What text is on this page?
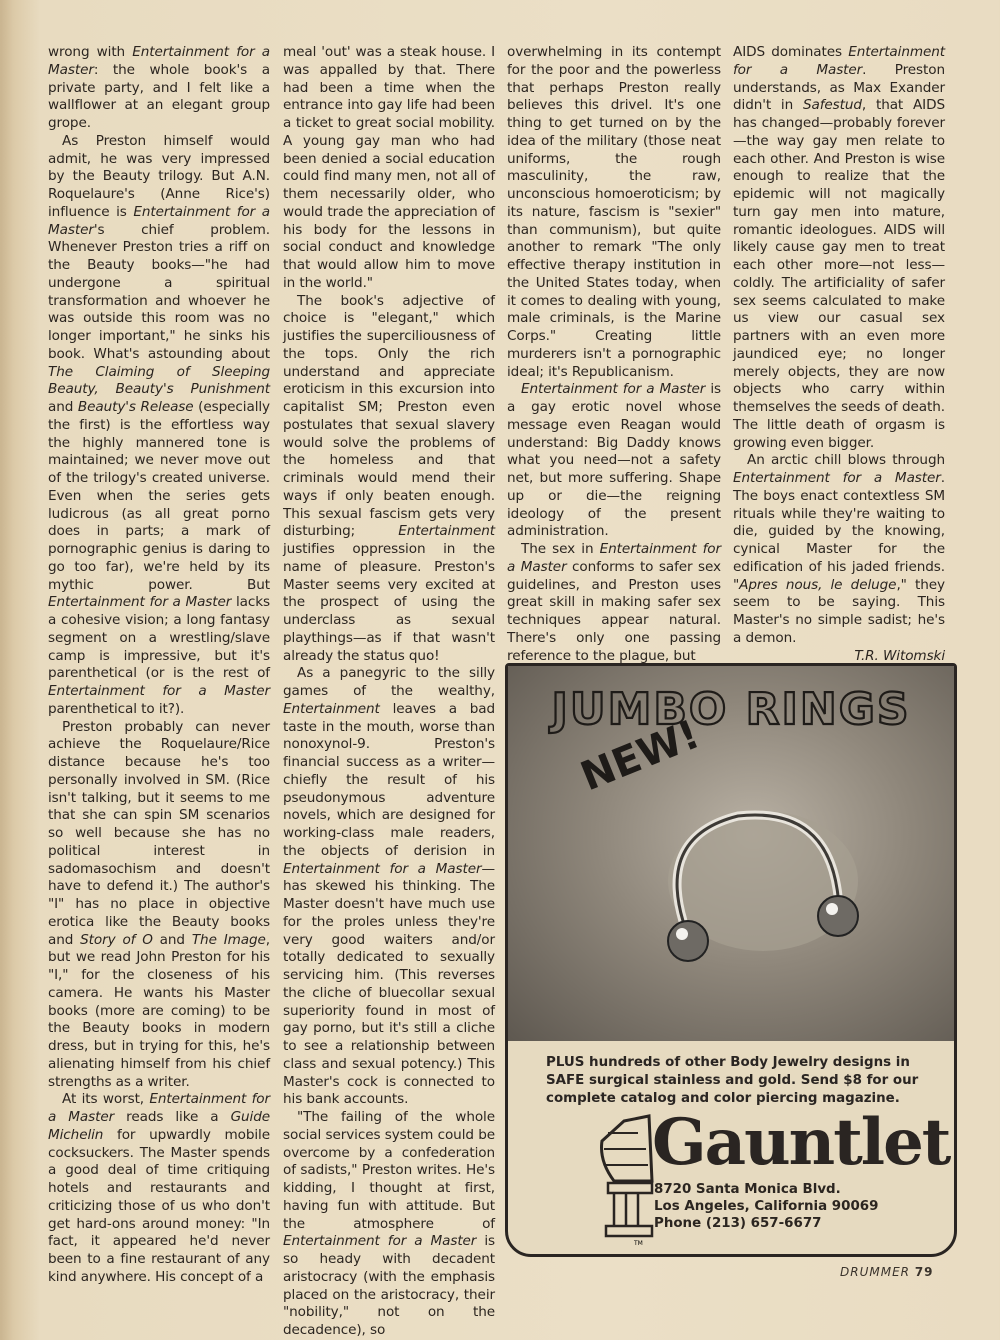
wrong with Entertainment for a Master: the whole book's a private party, and I felt like a wallflower at an elegant group grope.

As Preston himself would admit, he was very impressed by the Beauty trilogy. But A.N. Roquelaure's (Anne Rice's) influence is Entertainment for a Master's chief problem. Whenever Preston tries a riff on the Beauty books—"he had undergone a spiritual transformation and whoever he was outside this room was no longer important," he sinks his book. What's astounding about The Claiming of Sleeping Beauty, Beauty's Punishment and Beauty's Release (especially the first) is the effortless way the highly mannered tone is maintained; we never move out of the trilogy's created universe. Even when the series gets ludicrous (as all great porno does in parts; a mark of pornographic genius is daring to go too far), we're held by its mythic power. But Entertainment for a Master lacks a cohesive vision; a long fantasy segment on a wrestling/slave camp is impressive, but it's parenthetical (or is the rest of Entertainment for a Master parenthetical to it?).

Preston probably can never achieve the Roquelaure/Rice distance because he's too personally involved in SM. (Rice isn't talking, but it seems to me that she can spin SM scenarios so well because she has no political interest in sadomasochism and doesn't have to defend it.) The author's "I" has no place in objective erotica like the Beauty books and Story of O and The Image, but we read John Preston for his "I," for the closeness of his camera. He wants his Master books (more are coming) to be the Beauty books in modern dress, but in trying for this, he's alienating himself from his chief strengths as a writer.

At its worst, Entertainment for a Master reads like a Guide Michelin for upwardly mobile cocksuckers. The Master spends a good deal of time critiquing hotels and restaurants and criticizing those of us who don't get hard-ons around money: "In fact, it appeared he'd never been to a fine restaurant of any kind anywhere. His concept of a

meal 'out' was a steak house. I was appalled by that. There had been a time when the entrance into gay life had been a ticket to great social mobility. A young gay man who had been denied a social education could find many men, not all of them necessarily older, who would trade the appreciation of his body for the lessons in social conduct and knowledge that would allow him to move in the world."

The book's adjective of choice is "elegant," which justifies the superciliousness of the tops. Only the rich understand and appreciate eroticism in this excursion into capitalist SM; Preston even postulates that sexual slavery would solve the problems of the homeless and that criminals would mend their ways if only beaten enough. This sexual fascism gets very disturbing; Entertainment justifies oppression in the name of pleasure. Preston's Master seems very excited at the prospect of using the underclass as sexual playthings—as if that wasn't already the status quo!

As a panegyric to the silly games of the wealthy, Entertainment leaves a bad taste in the mouth, worse than nonoxynol-9. Preston's financial success as a writer—chiefly the result of his pseudonymous adventure novels, which are designed for working-class male readers, the objects of derision in Entertainment for a Master—has skewed his thinking. The Master doesn't have much use for the proles unless they're very good waiters and/or totally dedicated to sexually servicing him. (This reverses the cliche of bluecollar sexual superiority found in most of gay porno, but it's still a cliche to see a relationship between class and sexual potency.) This Master's cock is connected to his bank accounts.

"The failing of the whole social services system could be overcome by a confederation of sadists," Preston writes. He's kidding, I thought at first, having fun with attitude. But the atmosphere of Entertainment for a Master is so heady with decadent aristocracy (with the emphasis placed on the aristocracy, their "nobility," not on the decadence), so

overwhelming in its contempt for the poor and the powerless that perhaps Preston really believes this drivel. It's one thing to get turned on by the idea of the military (those neat uniforms, the rough masculinity, the raw, unconscious homoeroticism; by its nature, fascism is "sexier" than communism), but quite another to remark "The only effective therapy institution in the United States today, when it comes to dealing with young, male criminals, is the Marine Corps." Creating little murderers isn't a pornographic ideal; it's Republicanism.

Entertainment for a Master is a gay erotic novel whose message even Reagan would understand: Big Daddy knows what you need—not a safety net, but more suffering. Shape up or die—the reigning ideology of the present administration.

The sex in Entertainment for a Master conforms to safer sex guidelines, and Preston uses great skill in making safer sex techniques appear natural. There's only one passing reference to the plague, but

AIDS dominates Entertainment for a Master. Preston understands, as Max Exander didn't in Safestud, that AIDS has changed—probably forever—the way gay men relate to each other. And Preston is wise enough to realize that the epidemic will not magically turn gay men into mature, romantic ideologues. AIDS will likely cause gay men to treat each other more—not less—coldly. The artificiality of safer sex seems calculated to make us view our casual sex partners with an even more jaundiced eye; no longer merely objects, they are now objects who carry within themselves the seeds of death. The little death of orgasm is growing even bigger.

An arctic chill blows through Entertainment for a Master. The boys enact contextless SM rituals while they're waiting to die, guided by the knowing, cynical Master for the edification of his jaded friends. "Apres nous, le deluge," they seem to be saying. This Master's no simple sadist; he's a demon.

T.R. Witomski

JUMBO RINGS
NEW!
PLUS hundreds of other Body Jewelry designs in SAFE surgical stainless and gold. Send $8 for our complete catalog and color piercing magazine.
TM
Gauntlet
8720 Santa Monica Blvd.
Los Angeles, California 90069
Phone (213) 657-6677
DRUMMER 79
